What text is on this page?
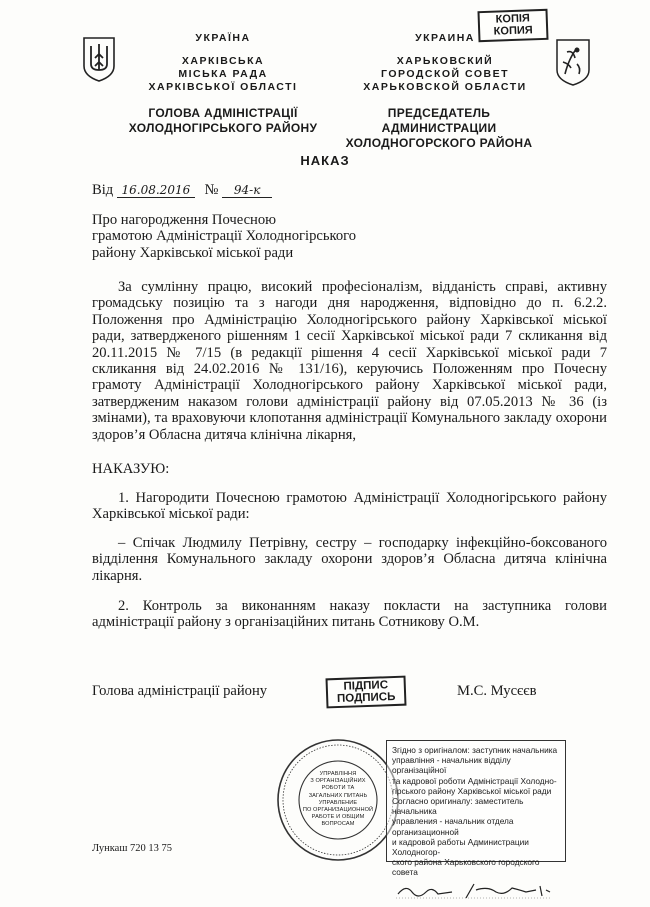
КОПІЯ
КОПИЯ
УКРАЇНА
ХАРКІВСЬКА
МІСЬКА РАДА
ХАРКІВСЬКОЇ ОБЛАСТІ
ГОЛОВА АДМІНІСТРАЦІЇ
ХОЛОДНОГІРСЬКОГО РАЙОНУ
УКРАИНА
ХАРЬКОВСКИЙ
ГОРОДСКОЙ СОВЕТ
ХАРЬКОВСКОЙ ОБЛАСТИ
ПРЕДСЕДАТЕЛЬ АДМИНИСТРАЦИИ
ХОЛОДНОГОРСКОГО РАЙОНА
НАКАЗ
Від 16.08.2016 № 94-к
Про нагородження Почесною
грамотою Адміністрації Холодногірського
району Харківської міської ради
За сумлінну працю, високий професіоналізм, відданість справі, активну громадську позицію та з нагоди дня народження, відповідно до п. 6.2.2. Положення про Адміністрацію Холодногірського району Харківської міської ради, затвердженого рішенням 1 сесії Харківської міської ради 7 скликання від 20.11.2015 № 7/15 (в редакції рішення 4 сесії Харківської міської ради 7 скликання від 24.02.2016 № 131/16), керуючись Положенням про Почесну грамоту Адміністрації Холодногірського району Харківської міської ради, затвердженим наказом голови адміністрації району від 07.05.2013 № 36 (із змінами), та враховуючи клопотання адміністрації Комунального закладу охорони здоров’я Обласна дитяча клінічна лікарня,
НАКАЗУЮ:
1. Нагородити Почесною грамотою Адміністрації Холодногірського району Харківської міської ради:
– Спічак Людмилу Петрівну, сестру – господарку інфекційно-боксованого відділення Комунального закладу охорони здоров’я Обласна дитяча клінічна лікарня.
2. Контроль за виконанням наказу покласти на заступника голови адміністрації району з організаційних питань Сотникову О.М.
Голова адміністрації району	ПІДПИС
ПОДПИСЬ	М.С. Мусєєв
УПРАВЛІННЯ
З ОРГАНІЗАЦІЙНИХ
РОБОТИ ТА
ЗАГАЛЬНИХ ПИТАНЬ
УПРАВЛЕНИЕ
ПО ОРГАНИЗАЦИОННОЙ
РАБОТЕ И ОБЩИМ
ВОПРОСАМ
Згідно з оригіналом: заступник начальника
управління - начальник відділу організаційної
та кадрової роботи Адміністрації Холодно-
гірського району Харківської міської ради
Согласно оригиналу: заместитель начальника
управления - начальник отдела организационной
и кадровой работы Администрации Холодногор-
ского района Харьковского городского совета
Лункаш 720 13 75
